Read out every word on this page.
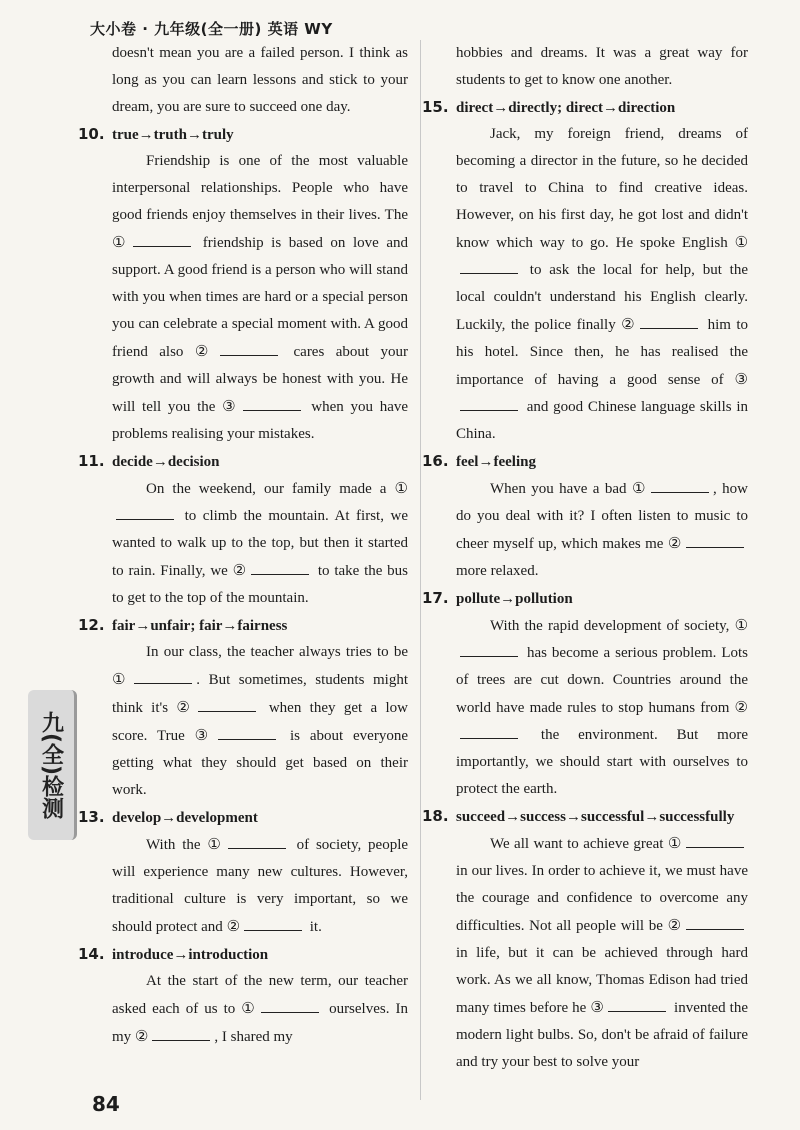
大小卷 · 九年级(全一册) 英语 WY
九(全)检测

doesn't mean you are a failed person. I think as long as you can learn lessons and stick to your dream, you are sure to succeed one day.

10. true→truth→truly

Friendship is one of the most valuable interpersonal relationships. People who have good friends enjoy themselves in their lives. The ①	friendship is based on love and support. A good friend is a person who will stand with you when times are hard or a special person you can celebrate a special moment with. A good friend also ②	cares about your growth and will always be honest with you. He will tell you the ③	when you have problems realising your mistakes.

11. decide→decision

On the weekend, our family made a ① to climb the mountain. At first, we wanted to walk up to the top, but then it started to rain. Finally, we ②	to take the bus to get to the top of the mountain.

12. fair→unfair; fair→fairness

In our class, the teacher always tries to be ①	. But sometimes, students might think it's ②	when they get a low score. True ③	is about everyone getting what they should get based on their work.

13. develop→development

With the ①	of society, people will experience many new cultures. However, traditional culture is very important, so we should protect and ②	it.

14. introduce→introduction

At the start of the new term, our teacher asked each of us to ①	ourselves. In my ②	, I shared my

hobbies and dreams. It was a great way for students to get to know one another.

15. direct→directly; direct→direction

Jack, my foreign friend, dreams of becoming a director in the future, so he decided to travel to China to find creative ideas. However, on his first day, he got lost and didn't know which way to go. He spoke English ① to ask the local for help, but the local couldn't understand his English clearly. Luckily, the police finally ②	him to his hotel. Since then, he has realised the importance of having a good sense of ③ and good Chinese language skills in China.

16. feel→feeling

When you have a bad ①	, how do you deal with it? I often listen to music to cheer myself up, which makes me ② more relaxed.

17. pollute→pollution

With the rapid development of society, ① has become a serious problem. Lots of trees are cut down. Countries around the world have made rules to stop humans from ② the environment. But more importantly, we should start with ourselves to protect the earth.

18. succeed→success→successful→successfully

We all want to achieve great ① in our lives. In order to achieve it, we must have the courage and confidence to overcome any difficulties. Not all people will be ② in life, but it can be achieved through hard work. As we all know, Thomas Edison had tried many times before he ③	invented the modern light bulbs. So, don't be afraid of failure and try your best to solve your

84
